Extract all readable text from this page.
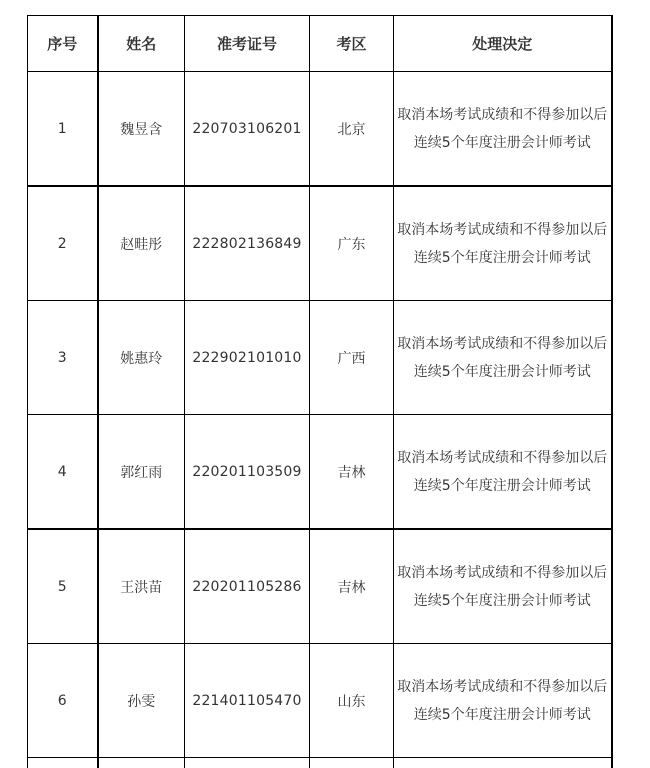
序号	姓名	准考证号	考区	处理决定
1	魏昱含	220703106201	北京	取消本场考试成绩和不得参加以后连续5个年度注册会计师考试

2	赵畦彤	222802136849	广东	取消本场考试成绩和不得参加以后连续5个年度注册会计师考试

3	姚惠玲	222902101010	广西	取消本场考试成绩和不得参加以后连续5个年度注册会计师考试

4	郭红雨	220201103509	吉林	取消本场考试成绩和不得参加以后连续5个年度注册会计师考试

5	王洪苗	220201105286	吉林	取消本场考试成绩和不得参加以后连续5个年度注册会计师考试

6	孙雯	221401105470	山东	取消本场考试成绩和不得参加以后连续5个年度注册会计师考试
